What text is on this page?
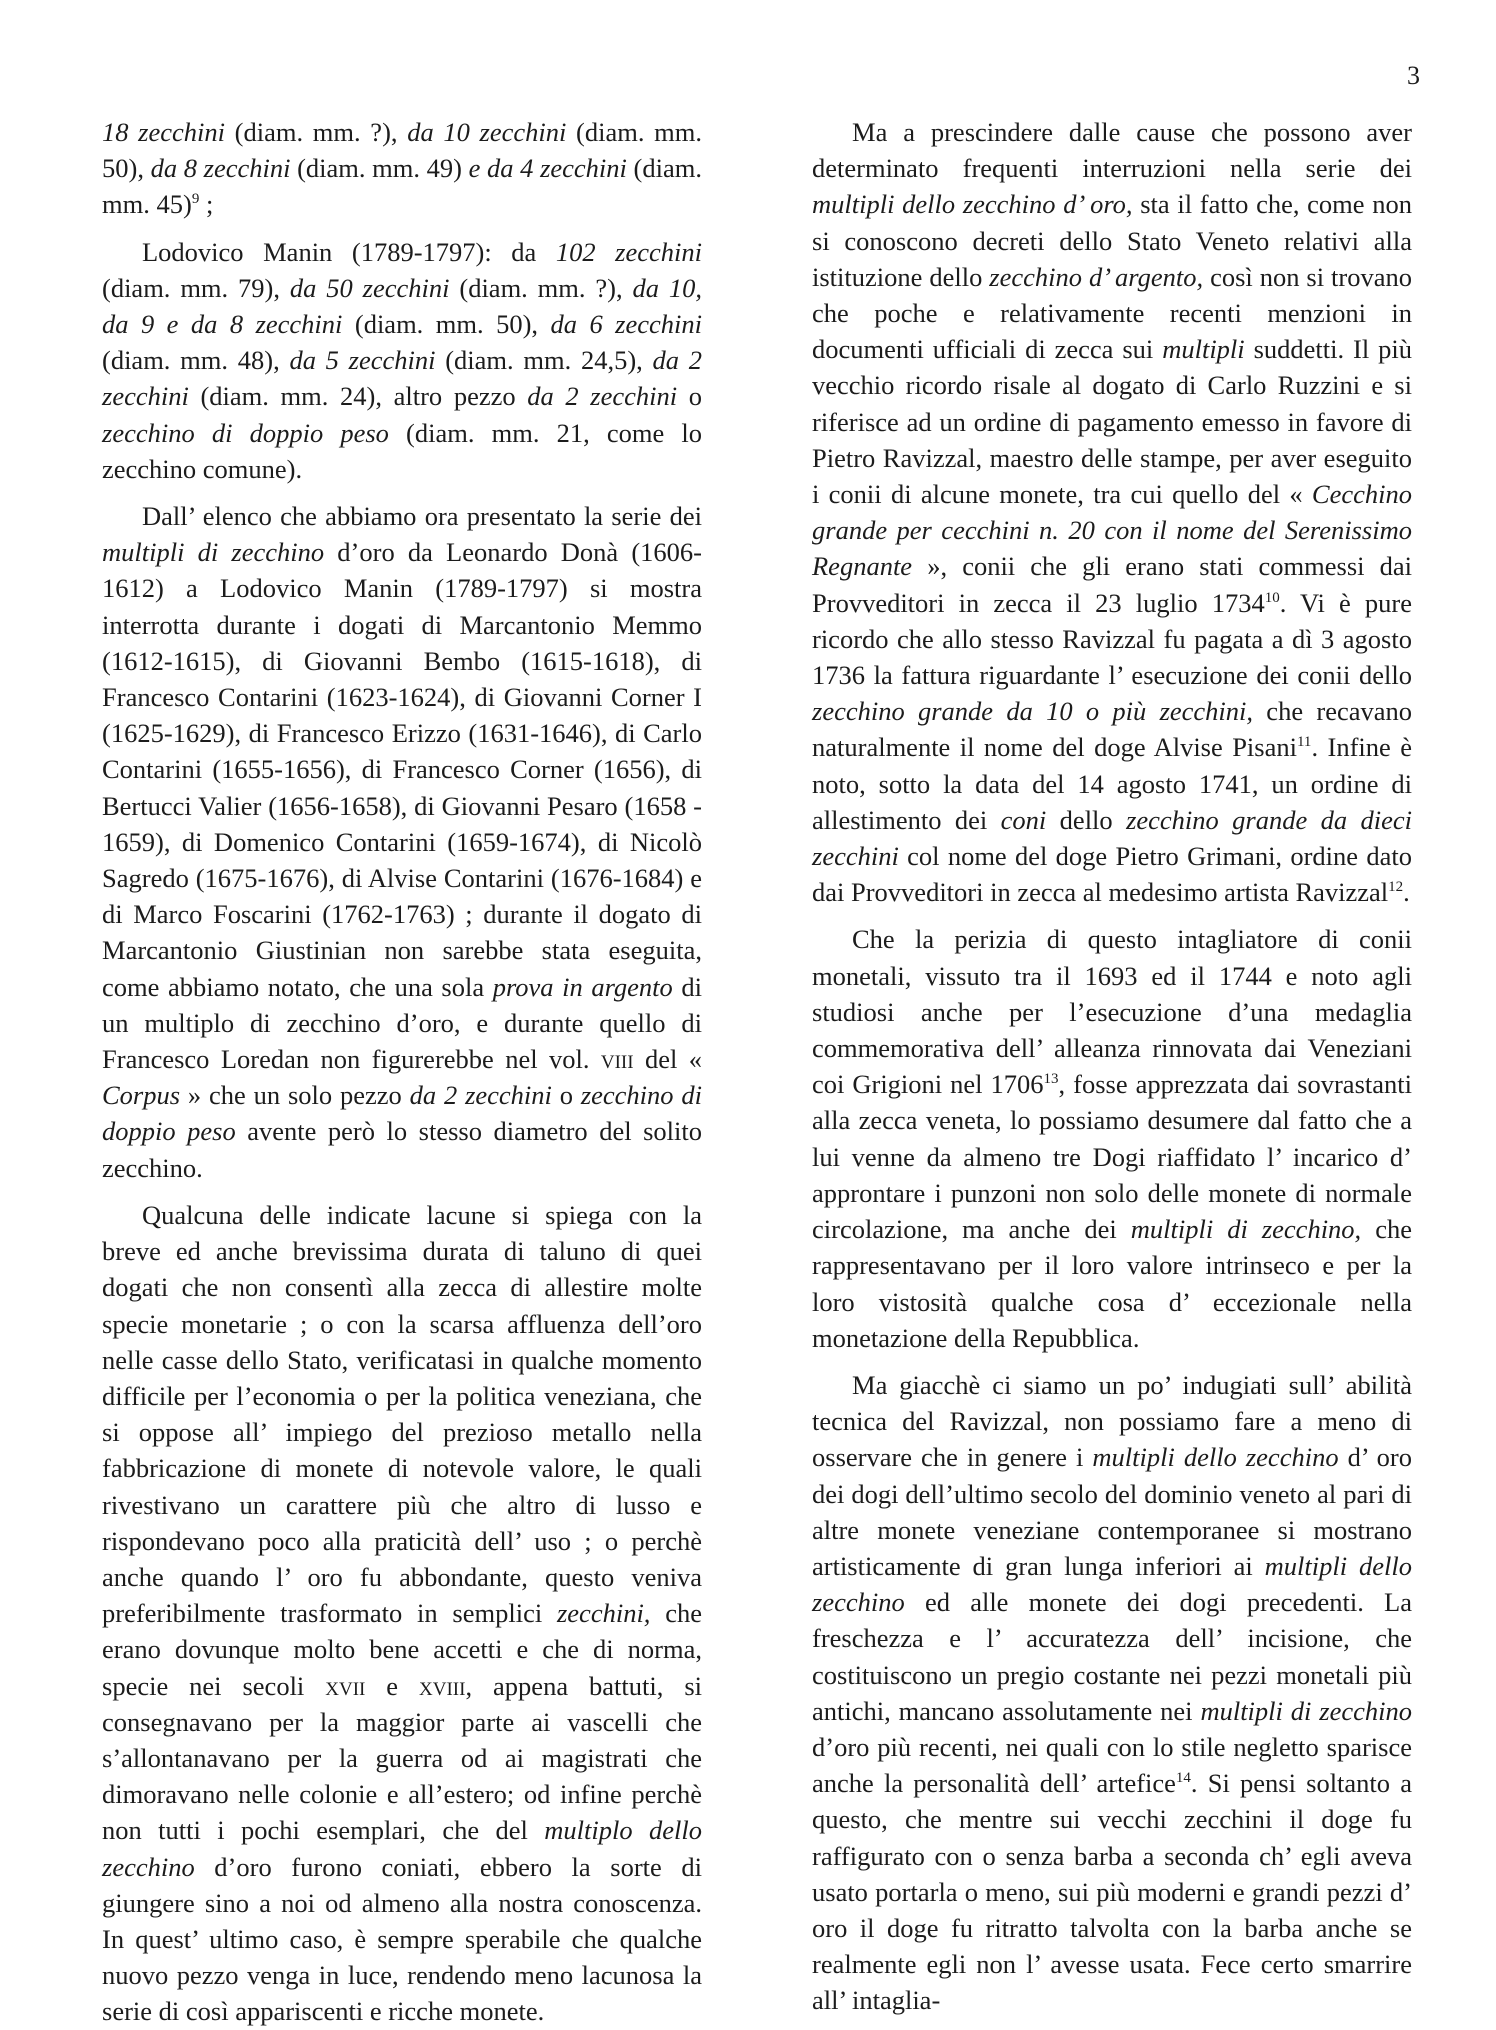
3

18 zecchini (diam. mm. ?), da 10 zecchini (diam. mm. 50), da 8 zecchini (diam. mm. 49) e da 4 zecchini (diam. mm. 45)$^9$ ;

Lodovico Manin (1789-1797): da 102 zecchini (diam. mm. 79), da 50 zecchini (diam. mm. ?), da 10, da 9 e da 8 zecchini (diam. mm. 50), da 6 zecchini (diam. mm. 48), da 5 zecchini (diam. mm. 24,5), da 2 zecchini (diam. mm. 24), altro pezzo da 2 zecchini o zecchino di doppio peso (diam. mm. 21, come lo zecchino comune).

Dall’ elenco che abbiamo ora presentato la serie dei multipli di zecchino d’oro da Leonardo Donà (1606-1612) a Lodovico Manin (1789-1797) si mostra interrotta durante i dogati di Marcantonio Memmo (1612-1615), di Giovanni Bembo (1615-1618), di Francesco Contarini (1623-1624), di Giovanni Corner I (1625-1629), di Francesco Erizzo (1631-1646), di Carlo Contarini (1655-1656), di Francesco Corner (1656), di Bertucci Valier (1656-1658), di Giovanni Pesaro (1658 - 1659), di Domenico Contarini (1659-1674), di Nicolò Sagredo (1675-1676), di Alvise Contarini (1676-1684) e di Marco Foscarini (1762-1763) ; durante il dogato di Marcantonio Giustinian non sarebbe stata eseguita, come abbiamo notato, che una sola prova in argento di un multiplo di zecchino d’oro, e durante quello di Francesco Loredan non figurerebbe nel vol. viii del « Corpus » che un solo pezzo da 2 zecchini o zecchino di doppio peso avente però lo stesso diametro del solito zecchino.

Qualcuna delle indicate lacune si spiega con la breve ed anche brevissima durata di taluno di quei dogati che non consentì alla zecca di allestire molte specie monetarie ; o con la scarsa affluenza dell’oro nelle casse dello Stato, verificatasi in qualche momento difficile per l’economia o per la politica veneziana, che si oppose all’ impiego del prezioso metallo nella fabbricazione di monete di notevole valore, le quali rivestivano un carattere più che altro di lusso e rispondevano poco alla praticità dell’ uso ; o perchè anche quando l’ oro fu abbondante, questo veniva preferibilmente trasformato in semplici zecchini, che erano dovunque molto bene accetti e che di norma, specie nei secoli xvii e xviii, appena battuti, si consegnavano per la maggior parte ai vascelli che s’allontanavano per la guerra od ai magistrati che dimoravano nelle colonie e all’estero; od infine perchè non tutti i pochi esemplari, che del multiplo dello zecchino d’oro furono coniati, ebbero la sorte di giungere sino a noi od almeno alla nostra conoscenza. In quest’ ultimo caso, è sempre sperabile che qualche nuovo pezzo venga in luce, rendendo meno lacunosa la serie di così appariscenti e ricche monete.

Ma a prescindere dalle cause che possono aver determinato frequenti interruzioni nella serie dei multipli dello zecchino d’ oro, sta il fatto che, come non si conoscono decreti dello Stato Veneto relativi alla istituzione dello zecchino d’ argento, così non si trovano che poche e relativamente recenti menzioni in documenti ufficiali di zecca sui multipli suddetti. Il più vecchio ricordo risale al dogato di Carlo Ruzzini e si riferisce ad un ordine di pagamento emesso in favore di Pietro Ravizzal, maestro delle stampe, per aver eseguito i conii di alcune monete, tra cui quello del « Cecchino grande per cecchini n. 20 con il nome del Serenissimo Regnante », conii che gli erano stati commessi dai Provveditori in zecca il 23 luglio 1734$^{10}$. Vi è pure ricordo che allo stesso Ravizzal fu pagata a dì 3 agosto 1736 la fattura riguardante l’ esecuzione dei conii dello zecchino grande da 10 o più zecchini, che recavano naturalmente il nome del doge Alvise Pisani$^{11}$. Infine è noto, sotto la data del 14 agosto 1741, un ordine di allestimento dei coni dello zecchino grande da dieci zecchini col nome del doge Pietro Grimani, ordine dato dai Provveditori in zecca al medesimo artista Ravizzal$^{12}$.

Che la perizia di questo intagliatore di conii monetali, vissuto tra il 1693 ed il 1744 e noto agli studiosi anche per l’esecuzione d’una medaglia commemorativa dell’ alleanza rinnovata dai Veneziani coi Grigioni nel 1706$^{13}$, fosse apprezzata dai sovrastanti alla zecca veneta, lo possiamo desumere dal fatto che a lui venne da almeno tre Dogi riaffidato l’ incarico d’ approntare i punzoni non solo delle monete di normale circolazione, ma anche dei multipli di zecchino, che rappresentavano per il loro valore intrinseco e per la loro vistosità qualche cosa d’ eccezionale nella monetazione della Repubblica.

Ma giacchè ci siamo un po’ indugiati sull’ abilità tecnica del Ravizzal, non possiamo fare a meno di osservare che in genere i multipli dello zecchino d’ oro dei dogi dell’ultimo secolo del dominio veneto al pari di altre monete veneziane contemporanee si mostrano artisticamente di gran lunga inferiori ai multipli dello zecchino ed alle monete dei dogi precedenti. La freschezza e l’ accuratezza dell’ incisione, che costituiscono un pregio costante nei pezzi monetali più antichi, mancano assolutamente nei multipli di zecchino d’oro più recenti, nei quali con lo stile negletto sparisce anche la personalità dell’ artefice$^{14}$. Si pensi soltanto a questo, che mentre sui vecchi zecchini il doge fu raffigurato con o senza barba a seconda ch’ egli aveva usato portarla o meno, sui più moderni e grandi pezzi d’ oro il doge fu ritratto talvolta con la barba anche se realmente egli non l’ avesse usata. Fece certo smarrire all’ intaglia-
